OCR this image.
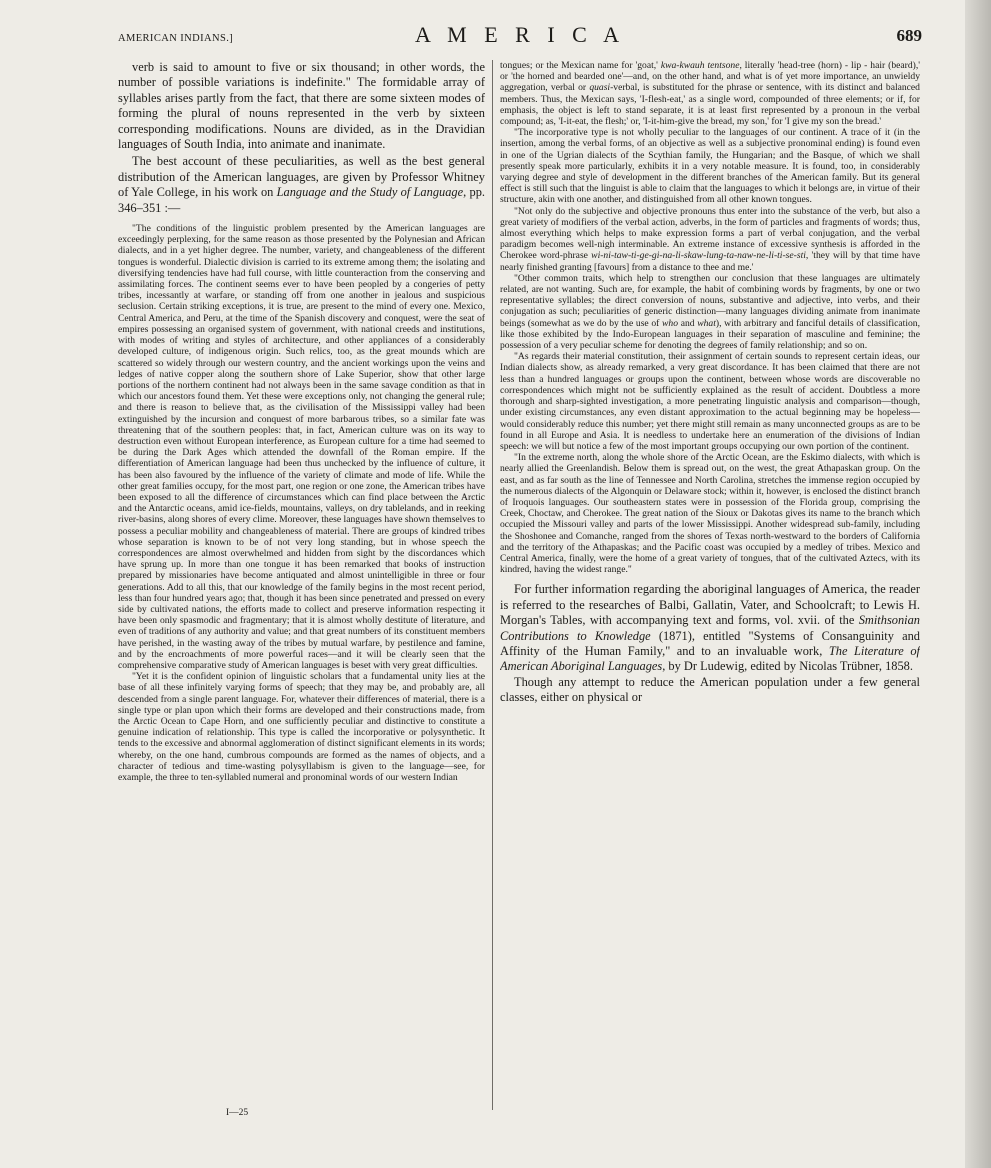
AMERICAN INDIANS.]	A M E R I C A	689

verb is said to amount to five or six thousand; in other words, the number of possible variations is indefinite." The formidable array of syllables arises partly from the fact, that there are some sixteen modes of forming the plural of nouns represented in the verb by sixteen corresponding modifications. Nouns are divided, as in the Dravidian languages of South India, into animate and inanimate.

The best account of these peculiarities, as well as the best general distribution of the American languages, are given by Professor Whitney of Yale College, in his work on Language and the Study of Language, pp. 346–351 :—

"The conditions of the linguistic problem presented by the American languages are exceedingly perplexing, for the same reason as those presented by the Polynesian and African dialects, and in a yet higher degree. The number, variety, and changeableness of the different tongues is wonderful. Dialectic division is carried to its extreme among them; the isolating and diversifying tendencies have had full course, with little counteraction from the conserving and assimilating forces. The continent seems ever to have been peopled by a congeries of petty tribes, incessantly at warfare, or standing off from one another in jealous and suspicious seclusion. Certain striking exceptions, it is true, are present to the mind of every one. Mexico, Central America, and Peru, at the time of the Spanish discovery and conquest, were the seat of empires possessing an organised system of government, with national creeds and institutions, with modes of writing and styles of architecture, and other appliances of a considerably developed culture, of indigenous origin. Such relics, too, as the great mounds which are scattered so widely through our western country, and the ancient workings upon the veins and ledges of native copper along the southern shore of Lake Superior, show that other large portions of the northern continent had not always been in the same savage condition as that in which our ancestors found them. Yet these were exceptions only, not changing the general rule; and there is reason to believe that, as the civilisation of the Mississippi valley had been extinguished by the incursion and conquest of more barbarous tribes, so a similar fate was threatening that of the southern peoples: that, in fact, American culture was on its way to destruction even without European interference, as European culture for a time had seemed to be during the Dark Ages which attended the downfall of the Roman empire. If the differentiation of American language had been thus unchecked by the influence of culture, it has been also favoured by the influence of the variety of climate and mode of life. While the other great families occupy, for the most part, one region or one zone, the American tribes have been exposed to all the difference of circumstances which can find place between the Arctic and the Antarctic oceans, amid ice-fields, mountains, valleys, on dry tablelands, and in reeking river-basins, along shores of every clime. Moreover, these languages have shown themselves to possess a peculiar mobility and changeableness of material. There are groups of kindred tribes whose separation is known to be of not very long standing, but in whose speech the correspondences are almost overwhelmed and hidden from sight by the discordances which have sprung up. In more than one tongue it has been remarked that books of instruction prepared by missionaries have become antiquated and almost unintelligible in three or four generations. Add to all this, that our knowledge of the family begins in the most recent period, less than four hundred years ago; that, though it has been since penetrated and pressed on every side by cultivated nations, the efforts made to collect and preserve information respecting it have been only spasmodic and fragmentary; that it is almost wholly destitute of literature, and even of traditions of any authority and value; and that great numbers of its constituent members have perished, in the wasting away of the tribes by mutual warfare, by pestilence and famine, and by the encroachments of more powerful races—and it will be clearly seen that the comprehensive comparative study of American languages is beset with very great difficulties.

"Yet it is the confident opinion of linguistic scholars that a fundamental unity lies at the base of all these infinitely varying forms of speech; that they may be, and probably are, all descended from a single parent language. For, whatever their differences of material, there is a single type or plan upon which their forms are developed and their constructions made, from the Arctic Ocean to Cape Horn, and one sufficiently peculiar and distinctive to constitute a genuine indication of relationship. This type is called the incorporative or polysynthetic. It tends to the excessive and abnormal agglomeration of distinct significant elements in its words; whereby, on the one hand, cumbrous compounds are formed as the names of objects, and a character of tedious and time-wasting polysyllabism is given to the language—see, for example, the three to ten-syllabled numeral and pronominal words of our western Indian

tongues; or the Mexican name for 'goat,' kwa-kwauh tentsone, literally 'head-tree (horn) - lip - hair (beard),' or 'the horned and bearded one'—and, on the other hand, and what is of yet more importance, an unwieldy aggregation, verbal or quasi-verbal, is substituted for the phrase or sentence, with its distinct and balanced members. Thus, the Mexican says, 'I-flesh-eat,' as a single word, compounded of three elements; or if, for emphasis, the object is left to stand separate, it is at least first represented by a pronoun in the verbal compound; as, 'I-it-eat, the flesh;' or, 'I-it-him-give the bread, my son,' for 'I give my son the bread.'

"The incorporative type is not wholly peculiar to the languages of our continent. A trace of it (in the insertion, among the verbal forms, of an objective as well as a subjective pronominal ending) is found even in one of the Ugrian dialects of the Scythian family, the Hungarian; and the Basque, of which we shall presently speak more particularly, exhibits it in a very notable measure. It is found, too, in considerably varying degree and style of development in the different branches of the American family. But its general effect is still such that the linguist is able to claim that the languages to which it belongs are, in virtue of their structure, akin with one another, and distinguished from all other known tongues.

"Not only do the subjective and objective pronouns thus enter into the substance of the verb, but also a great variety of modifiers of the verbal action, adverbs, in the form of particles and fragments of words; thus, almost everything which helps to make expression forms a part of verbal conjugation, and the verbal paradigm becomes well-nigh interminable. An extreme instance of excessive synthesis is afforded in the Cherokee word-phrase wi-ni-taw-ti-ge-gi-na-li-skaw-lung-ta-naw-ne-li-ti-se-sti, 'they will by that time have nearly finished granting [favours] from a distance to thee and me.'

"Other common traits, which help to strengthen our conclusion that these languages are ultimately related, are not wanting. Such are, for example, the habit of combining words by fragments, by one or two representative syllables; the direct conversion of nouns, substantive and adjective, into verbs, and their conjugation as such; peculiarities of generic distinction—many languages dividing animate from inanimate beings (somewhat as we do by the use of who and what), with arbitrary and fanciful details of classification, like those exhibited by the Indo-European languages in their separation of masculine and feminine; the possession of a very peculiar scheme for denoting the degrees of family relationship; and so on.

"As regards their material constitution, their assignment of certain sounds to represent certain ideas, our Indian dialects show, as already remarked, a very great discordance. It has been claimed that there are not less than a hundred languages or groups upon the continent, between whose words are discoverable no correspondences which might not be sufficiently explained as the result of accident. Doubtless a more thorough and sharp-sighted investigation, a more penetrating linguistic analysis and comparison—though, under existing circumstances, any even distant approximation to the actual beginning may be hopeless—would considerably reduce this number; yet there might still remain as many unconnected groups as are to be found in all Europe and Asia. It is needless to undertake here an enumeration of the divisions of Indian speech: we will but notice a few of the most important groups occupying our own portion of the continent.

"In the extreme north, along the whole shore of the Arctic Ocean, are the Eskimo dialects, with which is nearly allied the Greenlandish. Below them is spread out, on the west, the great Athapaskan group. On the east, and as far south as the line of Tennessee and North Carolina, stretches the immense region occupied by the numerous dialects of the Algonquin or Delaware stock; within it, however, is enclosed the distinct branch of Iroquois languages. Our southeastern states were in possession of the Florida group, comprising the Creek, Choctaw, and Cherokee. The great nation of the Sioux or Dakotas gives its name to the branch which occupied the Missouri valley and parts of the lower Mississippi. Another widespread sub-family, including the Shoshonee and Comanche, ranged from the shores of Texas north-westward to the borders of California and the territory of the Athapaskas; and the Pacific coast was occupied by a medley of tribes. Mexico and Central America, finally, were the home of a great variety of tongues, that of the cultivated Aztecs, with its kindred, having the widest range."

For further information regarding the aboriginal languages of America, the reader is referred to the researches of Balbi, Gallatin, Vater, and Schoolcraft; to Lewis H. Morgan's Tables, with accompanying text and forms, vol. xvii. of the Smithsonian Contributions to Knowledge (1871), entitled "Systems of Consanguinity and Affinity of the Human Family," and to an invaluable work, The Literature of American Aboriginal Languages, by Dr Ludewig, edited by Nicolas Trübner, 1858.

Though any attempt to reduce the American population under a few general classes, either on physical or

I—25
